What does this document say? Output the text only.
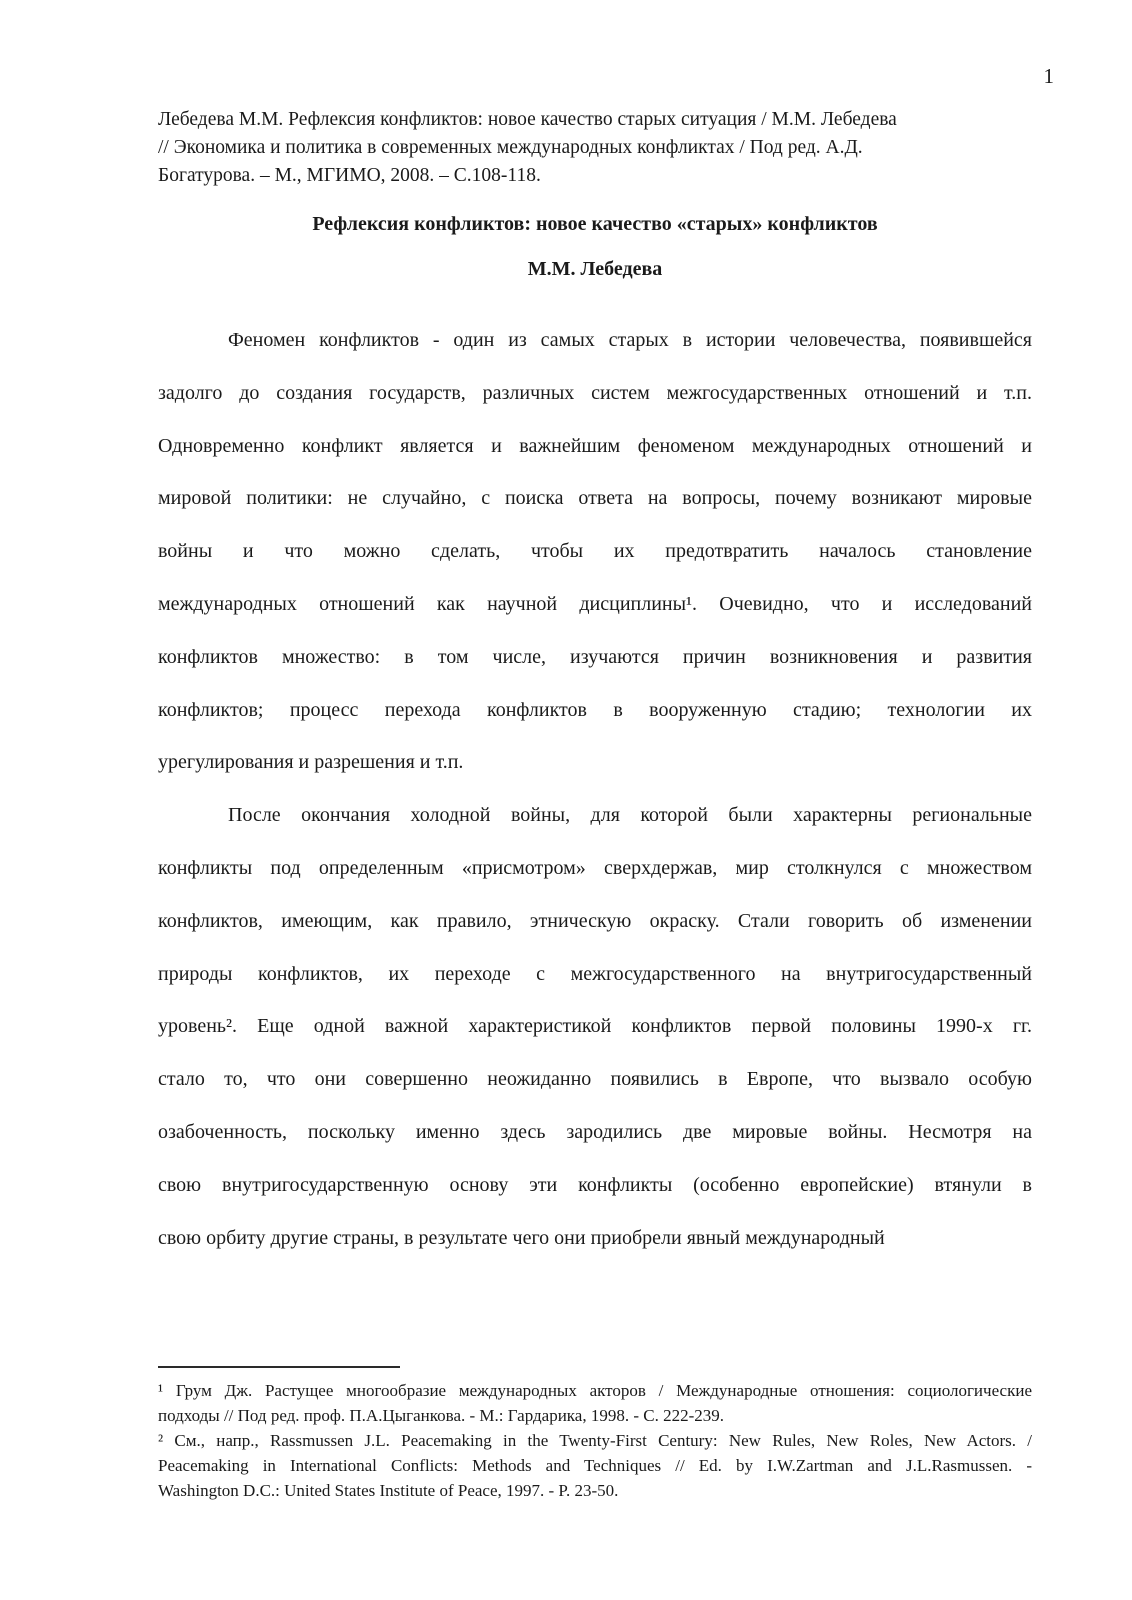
1
Лебедева М.М. Рефлексия конфликтов: новое качество старых ситуация / М.М. Лебедева
// Экономика и политика в современных международных конфликтах / Под ред. А.Д.
Богатурова. – М., МГИМО, 2008. – С.108-118.
Рефлексия конфликтов: новое качество «старых» конфликтов
М.М. Лебедева
Феномен конфликтов - один из самых старых в истории человечества, появившейся
задолго до создания государств, различных систем межгосударственных отношений и т.п.
Одновременно конфликт является и важнейшим феноменом международных отношений и
мировой политики: не случайно, с поиска ответа на вопросы, почему возникают мировые
войны и что можно сделать, чтобы их предотвратить началось становление
международных отношений как научной дисциплины¹. Очевидно, что и исследований
конфликтов множество: в том числе, изучаются причин возникновения и развития
конфликтов; процесс перехода конфликтов в вооруженную стадию; технологии их
урегулирования и разрешения и т.п.
После окончания холодной войны, для которой были характерны региональные
конфликты под определенным «присмотром» сверхдержав, мир столкнулся с множеством
конфликтов, имеющим, как правило, этническую окраску. Стали говорить об изменении
природы конфликтов, их переходе с межгосударственного на внутригосударственный
уровень². Еще одной важной характеристикой конфликтов первой половины 1990-х гг.
стало то, что они совершенно неожиданно появились в Европе, что вызвало особую
озабоченность, поскольку именно здесь зародились две мировые войны. Несмотря на
свою внутригосударственную основу эти конфликты (особенно европейские) втянули в
свою орбиту другие страны, в результате чего они приобрели явный международный
¹ Грум Дж. Растущее многообразие международных акторов / Международные отношения: социологические
подходы // Под ред. проф. П.А.Цыганкова. - М.: Гардарика, 1998. - С. 222-239.
² См., напр., Rassmussen J.L. Peacemaking in the Twenty-First Century: New Rules, New Roles, New Actors. /
Peacemaking in International Conflicts: Methods and Techniques // Ed. by I.W.Zartman and J.L.Rasmussen. -
Washington D.C.: United States Institute of Peace, 1997. - P. 23-50.
